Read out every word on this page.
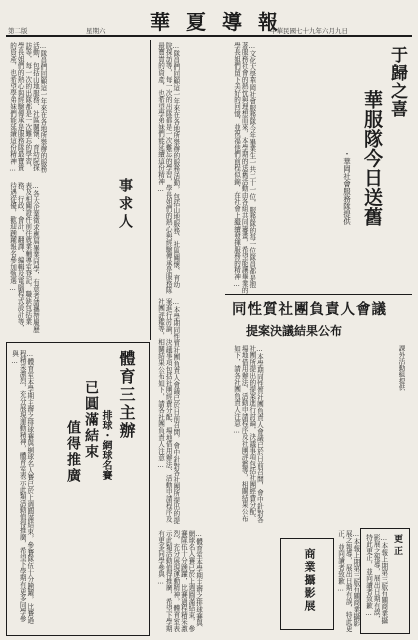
第二版	星期六 華夏導報
中華民國七十九年六月九日
于歸之喜
華服隊今日送舊
・華岡社會服務隊提供
…文化大學華岡社會服務隊今年畢業生一共二十一位，服務隊的每一位隊員都是抱著服務社會的熱忱與理想而來，本學期的送舊活動由各組共同籌畫，希望能讓畢業的學長姐們留下美好的回憶，並祝福他們前程似錦，在社會上繼續發揮服務的精神…
…隊員們回顧這一年來在各地所舉辦的服務活動，包括山地服務、社區關懷、育幼院探訪等，每一次的出隊都是一次難忘的學習，學長姐們的熱心與經驗傳承是服務隊最寶貴的資產，也希望學弟妹們能延續這份精神…
事求人
…各大企業徵求應屆畢業同學，有意者請攜帶履歷表及相關證件前往就業輔導室登記，職缺包括業務、行政、會計、翻譯、編輯及電腦程式設計等，待遇從優，歡迎踴躍報名參加甄選…	…隊員們回顧這一年來在各地所舉辦的服務活動，包括山地服務、社區關懷、育幼院探訪等，每一次的出隊都是一次難忘的學習，學長姐們的熱心與經驗傳承是服務隊最寶貴的資產，也希望學弟妹們能延續這份精神…
議會人責負團社質性同
布公果結議決案提
課外活動組提供
…本學期同性質社團負責人會議已於日前召開，會中針對各社團所提出的提案進行討論，決議事項包括社團經費分配、場地借用辦法、活動申請程序及社團評鑑等，相關結果公布如下，請各社團負責人注意…
…本學期同性質社團負責人會議已於日前召開，會中針對各社團所提出的提案進行討論，決議事項包括社團經費分配、場地借用辦法、活動申請程序及社團評鑑等，相關結果公布如下，請各社團負責人注意…
體育三主辦
排球・網球名賽
已圓滿結束
值得推廣
…體育室本學期主辦之排球賽與網球名人賽已於上週圓滿結束，參賽隊伍十分踴躍，比賽過程精采激烈，充分展現運動精神，體育室表示此類活動值得推廣，希望下學期有更多同學參與…
更正
…本報上期第三版有關商業攝影展之報導，展出日期有誤，特此更正，並向讀者致歉…
商業攝影展
…體育室本學期主辦之排球賽與網球名人賽已於上週圓滿結束，參賽隊伍十分踴躍，比賽過程精采激烈，充分展現運動精神，體育室表示此類活動值得推廣，希望下學期有更多同學參與…	…本報上期第三版有關商業攝影展之報導，展出日期有誤，特此更正，並向讀者致歉…
